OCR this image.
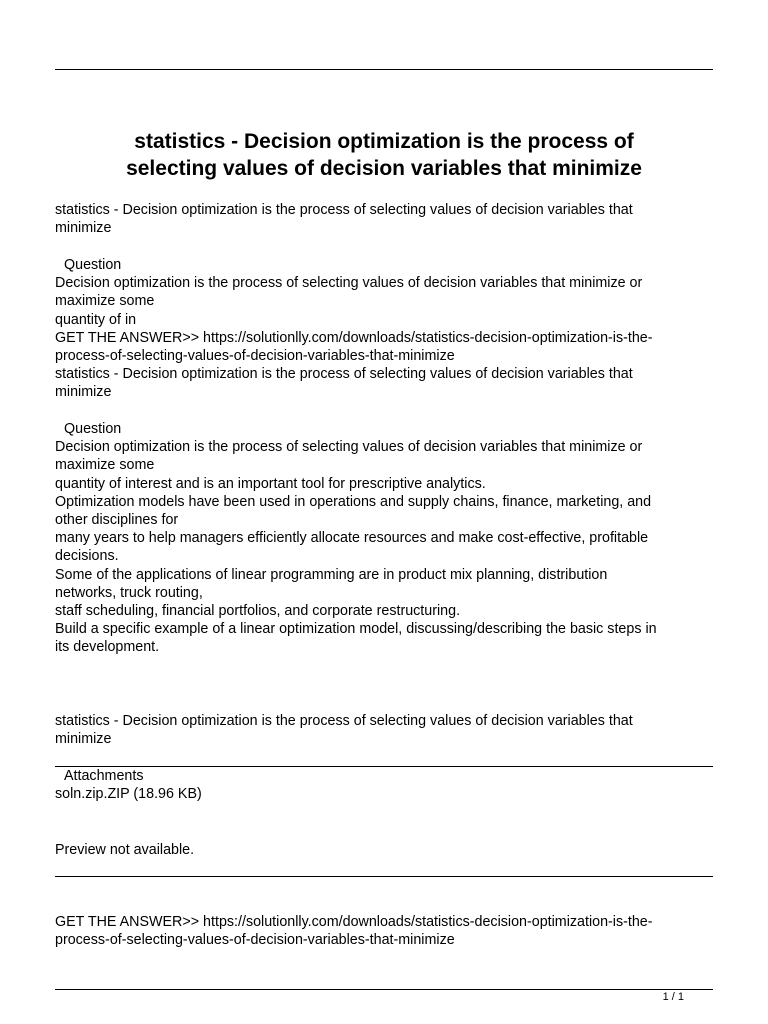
statistics - Decision optimization is the process of
selecting values of decision variables that minimize
statistics - Decision optimization is the process of selecting values of decision variables that
minimize
Question
Decision optimization is the process of selecting values of decision variables that minimize or
maximize some
quantity of in
GET THE ANSWER>> https://solutionlly.com/downloads/statistics-decision-optimization-is-the-
process-of-selecting-values-of-decision-variables-that-minimize
statistics - Decision optimization is the process of selecting values of decision variables that
minimize
Question
Decision optimization is the process of selecting values of decision variables that minimize or
maximize some
quantity of interest and is an important tool for prescriptive analytics.
Optimization models have been used in operations and supply chains, finance, marketing, and
other disciplines for
many years to help managers efficiently allocate resources and make cost-effective, profitable
decisions.
Some of the applications of linear programming are in product mix planning, distribution
networks, truck routing,
staff scheduling, financial portfolios, and corporate restructuring.
Build a specific example of a linear optimization model, discussing/describing the basic steps in
its development.
statistics - Decision optimization is the process of selecting values of decision variables that
minimize
Attachments
soln.zip.ZIP (18.96 KB)
Preview not available.
GET THE ANSWER>> https://solutionlly.com/downloads/statistics-decision-optimization-is-the-
process-of-selecting-values-of-decision-variables-that-minimize
1 / 1
